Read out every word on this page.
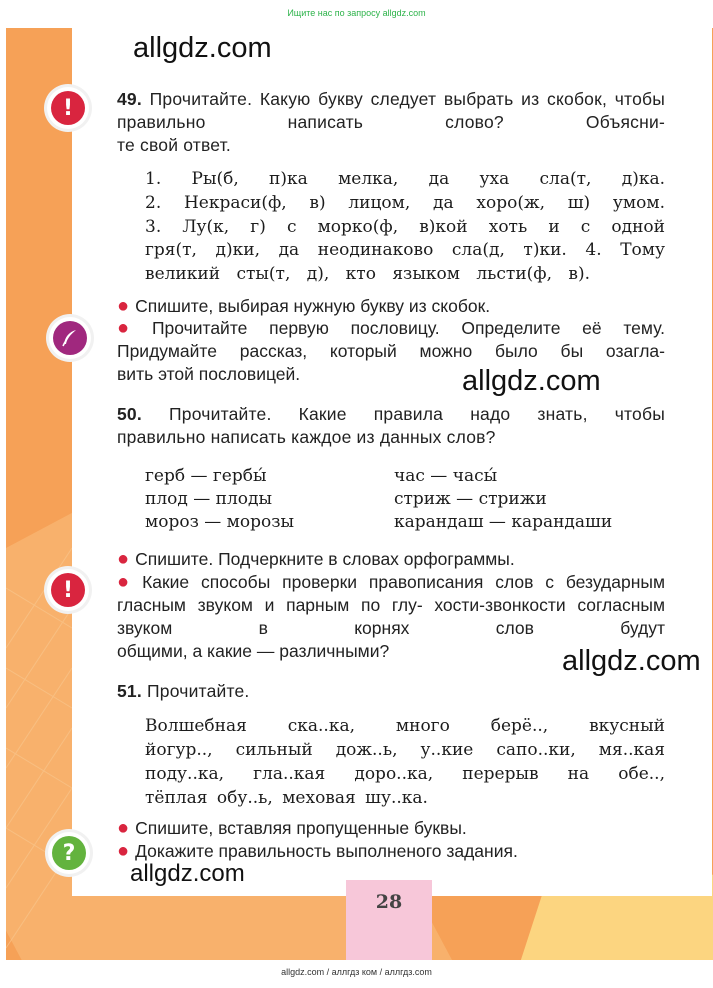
Ищите нас по запросу allgdz.com
allgdz.com
allgdz.com
allgdz.com
allgdz.com
!
!
?
49. Прочитайте. Какую букву следует выбрать из скобок, чтобы правильно написать слово? Объясни-
те свой ответ.
1. Ры(б, п)ка мелка, да уха сла(т, д)ка.
2. Некраси(ф, в) лицом, да хоро(ж, ш) умом.
3. Лу(к, г) с морко(ф, в)кой хоть и с одной
гря(т, д)ки, да неодинаково сла(д, т)ки. 4. Тому
великий сты(т, д), кто языком льсти(ф, в).
● Спишите, выбирая нужную букву из скобок.
● Прочитайте первую пословицу. Определите её тему. Придумайте рассказ, который можно было бы озагла-
вить этой пословицей.
50. Прочитайте. Какие правила надо знать, чтобы
правильно написать каждое из данных слов?
герб — гербы́
плод — плоды
мороз — морозы
час — часы́
стриж — стрижи
карандаш — карандаши
● Спишите. Подчеркните в словах орфограммы.
● Какие способы проверки правописания слов с безударным гласным звуком и парным по глу- хости-звонкости согласным звуком в корнях слов будут
общими, а какие — различными?
51. Прочитайте.
Волшебная ска..ка, много берё.., вкусный
йогур.., сильный дож..ь, у..кие сапо..ки, мя..кая
поду..ка, гла..кая доро..ка, перерыв на обе..,
тёплая обу..ь, меховая шу..ка.
● Спишите, вставляя пропущенные буквы.
● Докажите правильность выполненого задания.
28
allgdz.com / аллгдз ком / аллгдз.com
